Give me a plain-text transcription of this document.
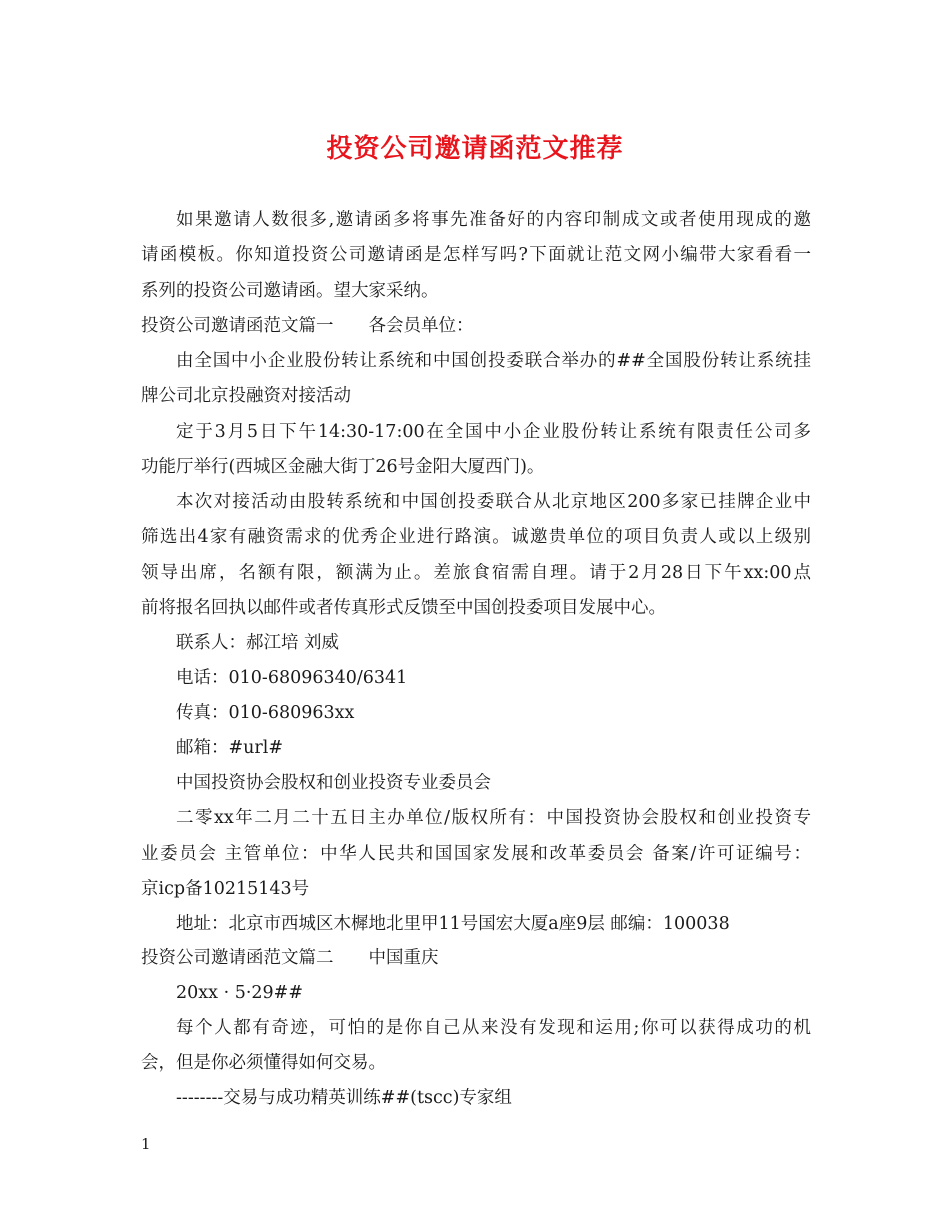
投资公司邀请函范文推荐
如果邀请人数很多,邀请函多将事先准备好的内容印制成文或者使用现成的邀
请函模板。你知道投资公司邀请函是怎样写吗?下面就让范文网小编带大家看看一
系列的投资公司邀请函。望大家采纳。
投资公司邀请函范文篇一　　各会员单位：
由全国中小企业股份转让系统和中国创投委联合举办的##全国股份转让系统挂
牌公司北京投融资对接活动
定于3月5日下午14:30-17:00在全国中小企业股份转让系统有限责任公司多
功能厅举行(西城区金融大街丁26号金阳大厦西门)。
本次对接活动由股转系统和中国创投委联合从北京地区200多家已挂牌企业中
筛选出4家有融资需求的优秀企业进行路演。诚邀贵单位的项目负责人或以上级别
领导出席，名额有限，额满为止。差旅食宿需自理。请于2月28日下午xx:00点
前将报名回执以邮件或者传真形式反馈至中国创投委项目发展中心。
联系人：郝江培 刘威
电话：010-68096340/6341
传真：010-680963xx
邮箱：#url#
中国投资协会股权和创业投资专业委员会
二零xx年二月二十五日主办单位/版权所有：中国投资协会股权和创业投资专
业委员会 主管单位：中华人民共和国国家发展和改革委员会 备案/许可证编号：
京icp备10215143号
地址：北京市西城区木樨地北里甲11号国宏大厦a座9层 邮编：100038
投资公司邀请函范文篇二　　中国重庆
20xx · 5·29##
每个人都有奇迹，可怕的是你自己从来没有发现和运用;你可以获得成功的机
会，但是你必须懂得如何交易。
--------交易与成功精英训练##(tscc)专家组
1
